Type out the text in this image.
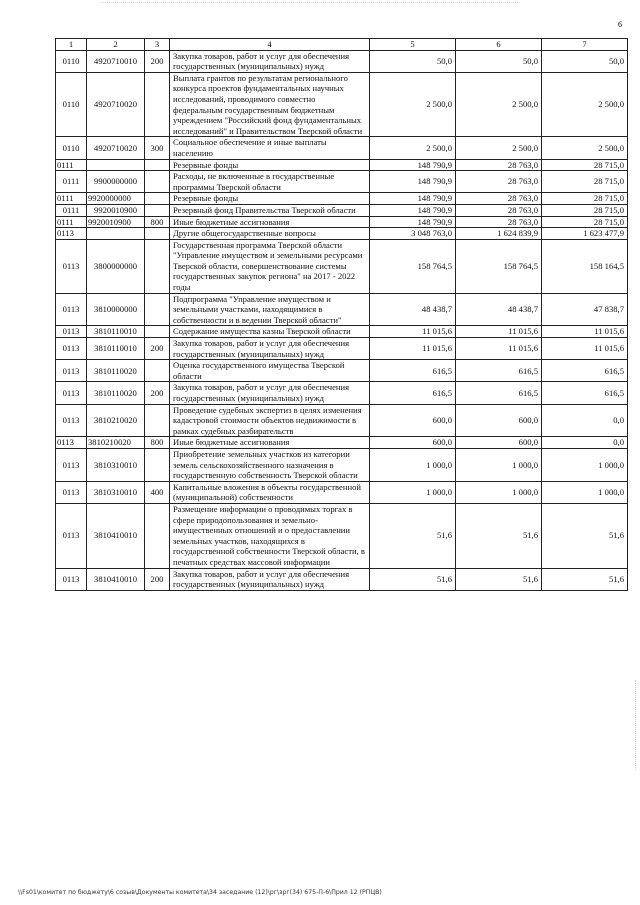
6
1	2	3	4	5	6	7
0110	4920710010	200	Закупка товаров, работ и услуг для обеспечения государственных (муниципальных) нужд	50,0	50,0	50,0
0110	4920710020		Выплата грантов по результатам регионального конкурса проектов фундаментальных научных исследований, проводимого совместно федеральным государственным бюджетным учреждением "Российский фонд фундаментальных исследований" и Правительством Тверской области	2 500,0	2 500,0	2 500,0
0110	4920710020	300	Социальное обеспечение и иные выплаты населению	2 500,0	2 500,0	2 500,0
0111			Резервные фонды	148 790,9	28 763,0	28 715,0
0111	9900000000		Расходы, не включенные в государственные программы Тверской области	148 790,9	28 763,0	28 715,0
0111	9920000000		Резервные фонды	148 790,9	28 763,0	28 715,0
0111	9920010900		Резервный фонд Правительства Тверской области	148 790,9	28 763,0	28 715,0
0111	9920010900	800	Иные бюджетные ассигнования	148 790,9	28 763,0	28 715,0
0113			Другие общегосударственные вопросы	3 048 763,0	1 624 839,9	1 623 477,9
0113	3800000000		Государственная программа Тверской области "Управление имуществом и земельными ресурсами Тверской области, совершенствование системы государственных закупок региона" на 2017 - 2022 годы	158 764,5	158 764,5	158 164,5
0113	3810000000		Подпрограмма "Управление имуществом и земельными участками, находящимися в собственности и в ведении Тверской области"	48 438,7	48 438,7	47 838,7
0113	3810110010		Содержание имущества казны Тверской области	11 015,6	11 015,6	11 015,6
0113	3810110010	200	Закупка товаров, работ и услуг для обеспечения государственных (муниципальных) нужд	11 015,6	11 015,6	11 015,6
0113	3810110020		Оценка государственного имущества Тверской области	616,5	616,5	616,5
0113	3810110020	200	Закупка товаров, работ и услуг для обеспечения государственных (муниципальных) нужд	616,5	616,5	616,5
0113	3810210020		Проведение судебных экспертиз в целях изменения кадастровой стоимости объектов недвижимости в рамках судебных разбирательств	600,0	600,0	0,0
0113	3810210020	800	Иные бюджетные ассигнования	600,0	600,0	0,0
0113	3810310010		Приобретение земельных участков из категории земель сельскохозяйственного назначения в государственную собственность Тверской области	1 000,0	1 000,0	1 000,0
0113	3810310010	400	Капитальные вложения в объекты государственной (муниципальной) собственности	1 000,0	1 000,0	1 000,0
0113	3810410010		Размещение информации о проводимых торгах в сфере природопользования и земельно-имущественных отношений и о предоставлении земельных участков, находящихся в государственной собственности Тверской области, в печатных средствах массовой информации	51,6	51,6	51,6
0113	3810410010	200	Закупка товаров, работ и услуг для обеспечения государственных (муниципальных) нужд	51,6	51,6	51,6
\\Fs01\комитет по бюджету\6 созыв\Документы комитета\34 заседание (12)\рг\зрг(34) 675-П-6\Прил 12 (РПЦВ)
